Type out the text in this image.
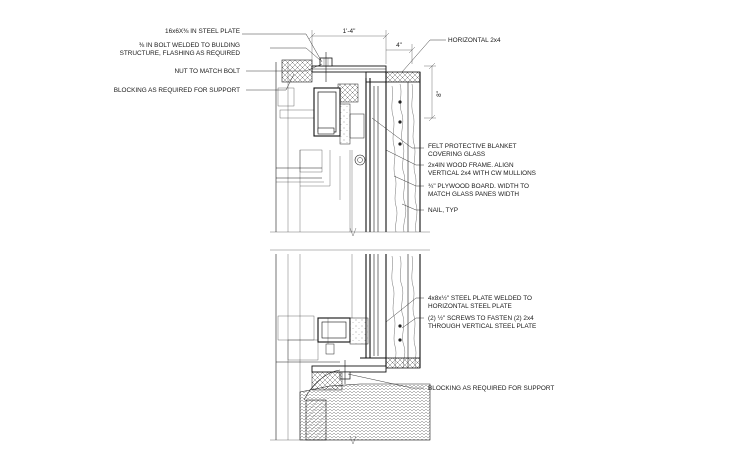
1'-4"
4"
8"
16x6X⅜ IN STEEL PLATE
⅜ IN BOLT WELDED TO BULDING
STRUCTURE, FLASHING AS REQUIRED
NUT TO MATCH BOLT
BLOCKING AS REQUIRED FOR SUPPORT
HORIZONTAL 2x4
FELT PROTECTIVE BLANKET
COVERING GLASS
2x4IN WOOD FRAME. ALIGN
VERTICAL 2x4 WITH CW MULLIONS
¾" PLYWOOD BOARD. WIDTH TO
MATCH GLASS PANES WIDTH
NAIL, TYP
4x8x½" STEEL PLATE WELDED TO
HORIZONTAL STEEL PLATE
(2) ½" SCREWS TO FASTEN (2) 2x4
THROUGH VERTICAL STEEL PLATE
BLOCKING AS REQUIRED FOR SUPPORT
